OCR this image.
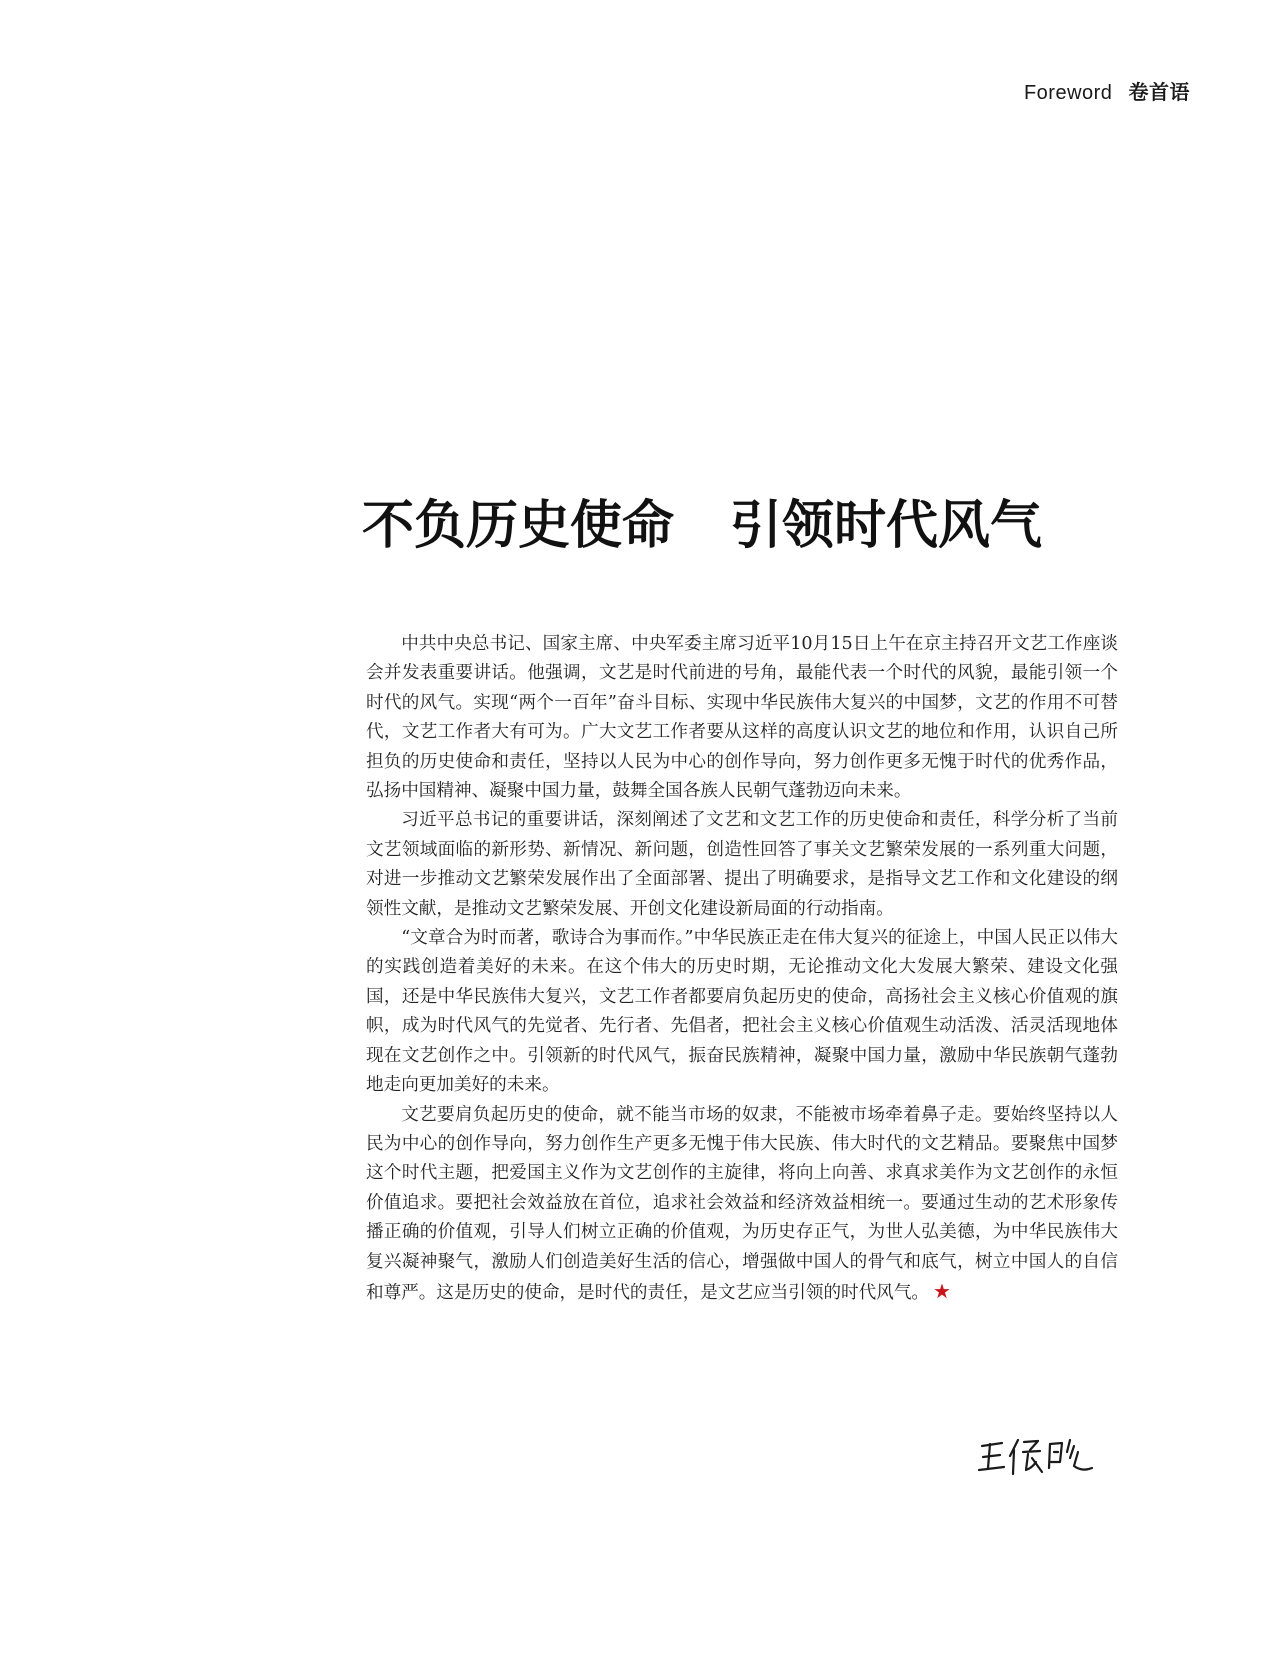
Foreword 卷首语
不负历史使命 引领时代风气

中共中央总书记、国家主席、中央军委主席习近平10月15日上午在京主持召开文艺工作座谈会并发表重要讲话。他强调，文艺是时代前进的号角，最能代表一个时代的风貌，最能引领一个时代的风气。实现“两个一百年”奋斗目标、实现中华民族伟大复兴的中国梦，文艺的作用不可替代，文艺工作者大有可为。广大文艺工作者要从这样的高度认识文艺的地位和作用，认识自己所担负的历史使命和责任，坚持以人民为中心的创作导向，努力创作更多无愧于时代的优秀作品，弘扬中国精神、凝聚中国力量，鼓舞全国各族人民朝气蓬勃迈向未来。

习近平总书记的重要讲话，深刻阐述了文艺和文艺工作的历史使命和责任，科学分析了当前文艺领域面临的新形势、新情况、新问题，创造性回答了事关文艺繁荣发展的一系列重大问题，对进一步推动文艺繁荣发展作出了全面部署、提出了明确要求，是指导文艺工作和文化建设的纲领性文献，是推动文艺繁荣发展、开创文化建设新局面的行动指南。

“文章合为时而著，歌诗合为事而作。”中华民族正走在伟大复兴的征途上，中国人民正以伟大的实践创造着美好的未来。在这个伟大的历史时期，无论推动文化大发展大繁荣、建设文化强国，还是中华民族伟大复兴，文艺工作者都要肩负起历史的使命，高扬社会主义核心价值观的旗帜，成为时代风气的先觉者、先行者、先倡者，把社会主义核心价值观生动活泼、活灵活现地体现在文艺创作之中。引领新的时代风气，振奋民族精神，凝聚中国力量，激励中华民族朝气蓬勃地走向更加美好的未来。

文艺要肩负起历史的使命，就不能当市场的奴隶，不能被市场牵着鼻子走。要始终坚持以人民为中心的创作导向，努力创作生产更多无愧于伟大民族、伟大时代的文艺精品。要聚焦中国梦这个时代主题，把爱国主义作为文艺创作的主旋律，将向上向善、求真求美作为文艺创作的永恒价值追求。要把社会效益放在首位，追求社会效益和经济效益相统一。要通过生动的艺术形象传播正确的价值观，引导人们树立正确的价值观，为历史存正气，为世人弘美德，为中华民族伟大复兴凝神聚气，激励人们创造美好生活的信心，增强做中国人的骨气和底气，树立中国人的自信和尊严。这是历史的使命，是时代的责任，是文艺应当引领的时代风气。 ★
